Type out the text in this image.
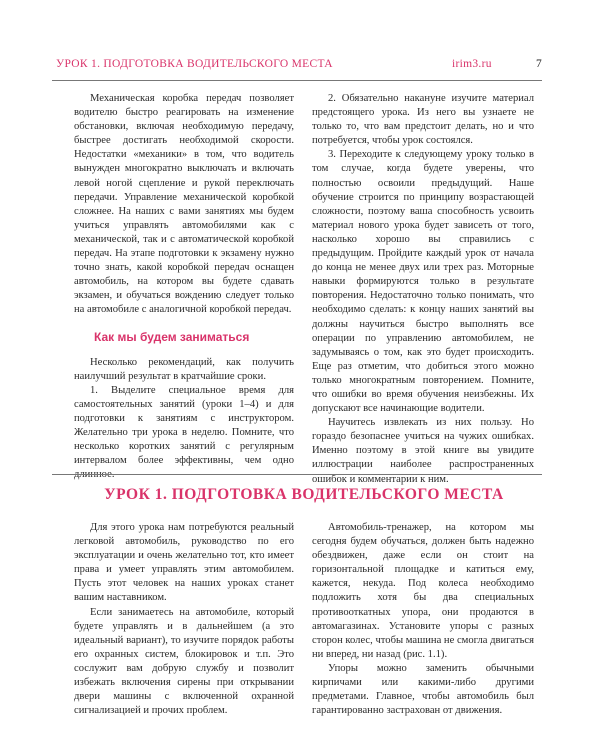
УРОК 1. ПОДГОТОВКА ВОДИТЕЛЬСКОГО МЕСТА	irim3.ru	7

Механическая коробка передач позволяет водителю быстро реагировать на изменение обстановки, включая необходимую передачу, быстрее достигать необходимой скорости. Недостатки «механики» в том, что водитель вынужден многократно выключать и включать левой ногой сцепление и рукой переключать передачи. Управление механической коробкой сложнее. На наших с вами занятиях мы будем учиться управлять автомобилями как с механической, так и с автоматической коробкой передач. На этапе подготовки к экзамену нужно точно знать, какой коробкой передач оснащен автомобиль, на котором вы будете сдавать экзамен, и обучаться вождению следует только на автомобиле с аналогичной коробкой передач.

Как мы будем заниматься

Несколько рекомендаций, как получить наилучший результат в кратчайшие сроки.

1. Выделите специальное время для самостоятельных занятий (уроки 1–4) и для подготовки к занятиям с инструктором. Желательно три урока в неделю. Помните, что несколько коротких занятий с регулярным интервалом более эффективны, чем одно длинное.

2. Обязательно накануне изучите материал предстоящего урока. Из него вы узнаете не только то, что вам предстоит делать, но и что потребуется, чтобы урок состоялся.

3. Переходите к следующему уроку только в том случае, когда будете уверены, что полностью освоили предыдущий. Наше обучение строится по принципу возрастающей сложности, поэтому ваша способность усвоить материал нового урока будет зависеть от того, насколько хорошо вы справились с предыдущим. Пройдите каждый урок от начала до конца не менее двух или трех раз. Моторные навыки формируются только в результате повторения. Недостаточно только понимать, что необходимо сделать: к концу наших занятий вы должны научиться быстро выполнять все операции по управлению автомобилем, не задумываясь о том, как это будет происходить. Еще раз отметим, что добиться этого можно только многократным повторением. Помните, что ошибки во время обучения неизбежны. Их допускают все начинающие водители.

Научитесь извлекать из них пользу. Но гораздо безопаснее учиться на чужих ошибках. Именно поэтому в этой книге вы увидите иллюстрации наиболее распространенных ошибок и комментарии к ним.

УРОК 1. ПОДГОТОВКА ВОДИТЕЛЬСКОГО МЕСТА

Для этого урока нам потребуются реальный легковой автомобиль, руководство по его эксплуатации и очень желательно тот, кто имеет права и умеет управлять этим автомобилем. Пусть этот человек на наших уроках станет вашим наставником.

Если занимаетесь на автомобиле, который будете управлять и в дальнейшем (а это идеальный вариант), то изучите порядок работы его охранных систем, блокировок и т.п. Это сослужит вам добрую службу и позволит избежать включения сирены при открывании двери машины с включенной охранной сигнализацией и прочих проблем.

Автомобиль-тренажер, на котором мы сегодня будем обучаться, должен быть надежно обездвижен, даже если он стоит на горизонтальной площадке и катиться ему, кажется, некуда. Под колеса необходимо подложить хотя бы два специальных противооткатных упора, они продаются в автомагазинах. Установите упоры с разных сторон колес, чтобы машина не смогла двигаться ни вперед, ни назад (рис. 1.1).

Упоры можно заменить обычными кирпичами или какими-либо другими предметами. Главное, чтобы автомобиль был гарантированно застрахован от движения.
